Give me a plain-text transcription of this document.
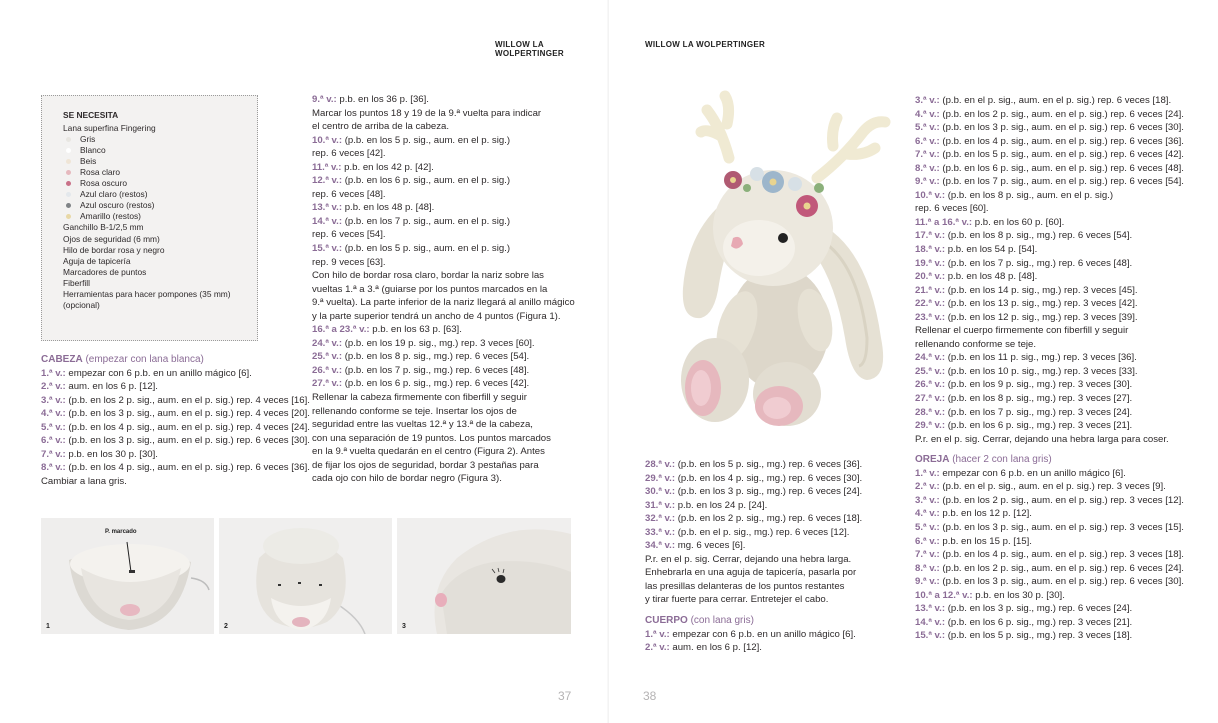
WILLOW LA WOLPERTINGER
SE NECESITA
Lana superfina Fingering
Gris
Blanco
Beis
Rosa claro
Rosa oscuro
Azul claro (restos)
Azul oscuro (restos)
Amarillo (restos)
Ganchillo B-1/2,5 mm
Ojos de seguridad (6 mm)
Hilo de bordar rosa y negro
Aguja de tapicería
Marcadores de puntos
Fiberfill
Herramientas para hacer pompones (35 mm)
(opcional)
CABEZA (empezar con lana blanca)
1.ª v.: empezar con 6 p.b. en un anillo mágico [6].
2.ª v.: aum. en los 6 p. [12].
3.ª v.: (p.b. en los 2 p. sig., aum. en el p. sig.) rep. 4 veces [16].
4.ª v.: (p.b. en los 3 p. sig., aum. en el p. sig.) rep. 4 veces [20].
5.ª v.: (p.b. en los 4 p. sig., aum. en el p. sig.) rep. 4 veces [24].
6.ª v.: (p.b. en los 3 p. sig., aum. en el p. sig.) rep. 6 veces [30].
7.ª v.: p.b. en los 30 p. [30].
8.ª v.: (p.b. en los 4 p. sig., aum. en el p. sig.) rep. 6 veces [36].
Cambiar a lana gris.
9.ª v.: p.b. en los 36 p. [36].
Marcar los puntos 18 y 19 de la 9.ª vuelta para indicar
el centro de arriba de la cabeza.
10.ª v.: (p.b. en los 5 p. sig., aum. en el p. sig.)
rep. 6 veces [42].
11.ª v.: p.b. en los 42 p. [42].
12.ª v.: (p.b. en los 6 p. sig., aum. en el p. sig.)
rep. 6 veces [48].
13.ª v.: p.b. en los 48 p. [48].
14.ª v.: (p.b. en los 7 p. sig., aum. en el p. sig.)
rep. 6 veces [54].
15.ª v.: (p.b. en los 5 p. sig., aum. en el p. sig.)
rep. 9 veces [63].
Con hilo de bordar rosa claro, bordar la nariz sobre las
vueltas 1.ª a 3.ª (guiarse por los puntos marcados en la
9.ª vuelta). La parte inferior de la nariz llegará al anillo mágico
y la parte superior tendrá un ancho de 4 puntos (Figura 1).
16.ª a 23.ª v.: p.b. en los 63 p. [63].
24.ª v.: (p.b. en los 19 p. sig., mg.) rep. 3 veces [60].
25.ª v.: (p.b. en los 8 p. sig., mg.) rep. 6 veces [54].
26.ª v.: (p.b. en los 7 p. sig., mg.) rep. 6 veces [48].
27.ª v.: (p.b. en los 6 p. sig., mg.) rep. 6 veces [42].
Rellenar la cabeza firmemente con fiberfill y seguir
rellenando conforme se teje. Insertar los ojos de
seguridad entre las vueltas 12.ª y 13.ª de la cabeza,
con una separación de 19 puntos. Los puntos marcados
en la 9.ª vuelta quedarán en el centro (Figura 2). Antes
de fijar los ojos de seguridad, bordar 3 pestañas para
cada ojo con hilo de bordar negro (Figura 3).
P. marcado
1	2	3
37
WILLOW LA WOLPERTINGER
28.ª v.: (p.b. en los 5 p. sig., mg.) rep. 6 veces [36].
29.ª v.: (p.b. en los 4 p. sig., mg.) rep. 6 veces [30].
30.ª v.: (p.b. en los 3 p. sig., mg.) rep. 6 veces [24].
31.ª v.: p.b. en los 24 p. [24].
32.ª v.: (p.b. en los 2 p. sig., mg.) rep. 6 veces [18].
33.ª v.: (p.b. en el p. sig., mg.) rep. 6 veces [12].
34.ª v.: mg. 6 veces [6].
P.r. en el p. sig. Cerrar, dejando una hebra larga.
Enhebrarla en una aguja de tapicería, pasarla por
las presillas delanteras de los puntos restantes
y tirar fuerte para cerrar. Entretejer el cabo.
CUERPO (con lana gris)
1.ª v.: empezar con 6 p.b. en un anillo mágico [6].
2.ª v.: aum. en los 6 p. [12].
3.ª v.: (p.b. en el p. sig., aum. en el p. sig.) rep. 6 veces [18].
4.ª v.: (p.b. en los 2 p. sig., aum. en el p. sig.) rep. 6 veces [24].
5.ª v.: (p.b. en los 3 p. sig., aum. en el p. sig.) rep. 6 veces [30].
6.ª v.: (p.b. en los 4 p. sig., aum. en el p. sig.) rep. 6 veces [36].
7.ª v.: (p.b. en los 5 p. sig., aum. en el p. sig.) rep. 6 veces [42].
8.ª v.: (p.b. en los 6 p. sig., aum. en el p. sig.) rep. 6 veces [48].
9.ª v.: (p.b. en los 7 p. sig., aum. en el p. sig.) rep. 6 veces [54].
10.ª v.: (p.b. en los 8 p. sig., aum. en el p. sig.)
rep. 6 veces [60].
11.ª a 16.ª v.: p.b. en los 60 p. [60].
17.ª v.: (p.b. en los 8 p. sig., mg.) rep. 6 veces [54].
18.ª v.: p.b. en los 54 p. [54].
19.ª v.: (p.b. en los 7 p. sig., mg.) rep. 6 veces [48].
20.ª v.: p.b. en los 48 p. [48].
21.ª v.: (p.b. en los 14 p. sig., mg.) rep. 3 veces [45].
22.ª v.: (p.b. en los 13 p. sig., mg.) rep. 3 veces [42].
23.ª v.: (p.b. en los 12 p. sig., mg.) rep. 3 veces [39].
Rellenar el cuerpo firmemente con fiberfill y seguir
rellenando conforme se teje.
24.ª v.: (p.b. en los 11 p. sig., mg.) rep. 3 veces [36].
25.ª v.: (p.b. en los 10 p. sig., mg.) rep. 3 veces [33].
26.ª v.: (p.b. en los 9 p. sig., mg.) rep. 3 veces [30].
27.ª v.: (p.b. en los 8 p. sig., mg.) rep. 3 veces [27].
28.ª v.: (p.b. en los 7 p. sig., mg.) rep. 3 veces [24].
29.ª v.: (p.b. en los 6 p. sig., mg.) rep. 3 veces [21].
P.r. en el p. sig. Cerrar, dejando una hebra larga para coser.
OREJA (hacer 2 con lana gris)
1.ª v.: empezar con 6 p.b. en un anillo mágico [6].
2.ª v.: (p.b. en el p. sig., aum. en el p. sig.) rep. 3 veces [9].
3.ª v.: (p.b. en los 2 p. sig., aum. en el p. sig.) rep. 3 veces [12].
4.ª v.: p.b. en los 12 p. [12].
5.ª v.: (p.b. en los 3 p. sig., aum. en el p. sig.) rep. 3 veces [15].
6.ª v.: p.b. en los 15 p. [15].
7.ª v.: (p.b. en los 4 p. sig., aum. en el p. sig.) rep. 3 veces [18].
8.ª v.: (p.b. en los 2 p. sig., aum. en el p. sig.) rep. 6 veces [24].
9.ª v.: (p.b. en los 3 p. sig., aum. en el p. sig.) rep. 6 veces [30].
10.ª a 12.ª v.: p.b. en los 30 p. [30].
13.ª v.: (p.b. en los 3 p. sig., mg.) rep. 6 veces [24].
14.ª v.: (p.b. en los 6 p. sig., mg.) rep. 3 veces [21].
15.ª v.: (p.b. en los 5 p. sig., mg.) rep. 3 veces [18].
38
